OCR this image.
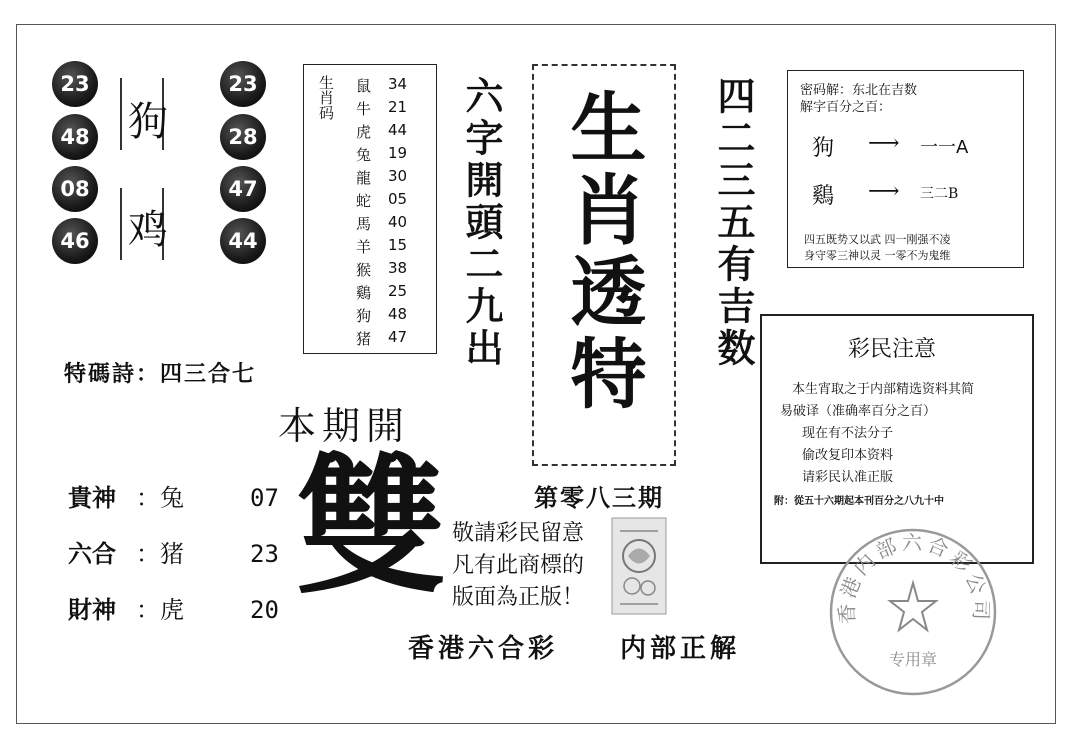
23
48
08
46
狗
鸡
23
28
47
44
生肖码 鼠	34
牛	21
虎	44
兔	19
龍	30
蛇	05
馬	40
羊	15
猴	38
鷄	25
狗	48
猪	47 六字開頭二九出 生肖透特 四二三五有吉数	密码解：东北在吉数
解字百分之百：
狗 ⟶ 一一A
鷄 ⟶ 三二B
四五既势又以武 四一刚强不凌
身守零三神以灵 一零不为鬼维
彩民注意
本生宵取之于内部精选资料其简
易破译（准确率百分之百）
现在有不法分子
偷改复印本资料
请彩民认准正版
附：從五十六期起本刊百分之八九十中
特碼詩：四三合七
本期開
雙	第零八三期
貴神 ：兔	07
六合 ：猪	23
財神 ：虎	20
敬請彩民留意
凡有此商標的
版面為正版！
香港六合彩 内部正解
香港内部六合彩公司
专用章
